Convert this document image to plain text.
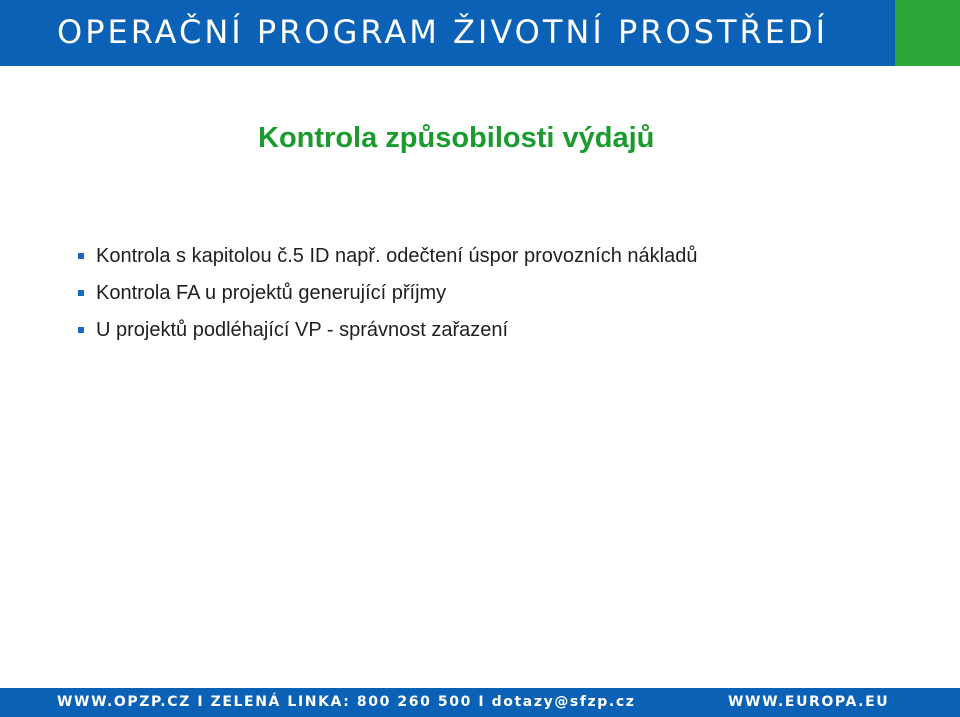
OPERAČNÍ PROGRAM ŽIVOTNÍ PROSTŘEDÍ
Kontrola způsobilosti výdajů
Kontrola s kapitolou č.5 ID např. odečtení úspor provozních nákladů
Kontrola FA u projektů generující příjmy
U projektů podléhající VP - správnost zařazení
WWW.OPZP.CZ I ZELENÁ LINKA: 800 260 500 I dotazy@sfzp.cz	WWW.EUROPA.EU
